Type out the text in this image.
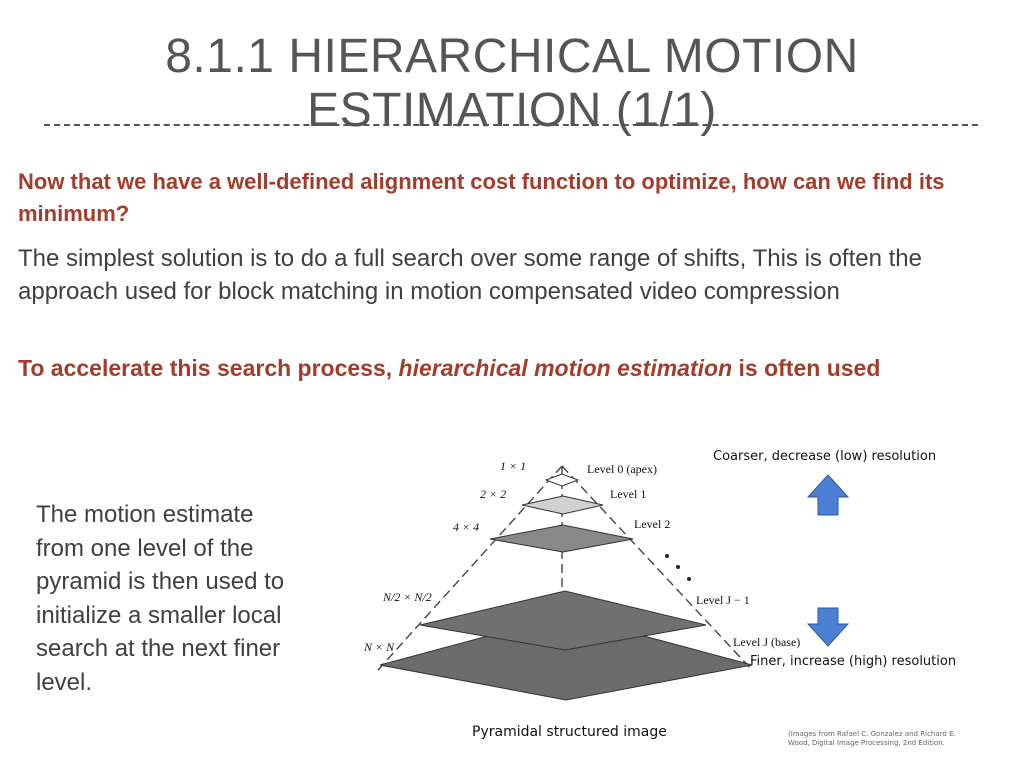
8.1.1 HIERARCHICAL MOTION
ESTIMATION (1/1)

Now that we have a well-defined alignment cost function to optimize, how can we find its minimum?

The simplest solution is to do a full search over some range of shifts, This is often the approach used for block matching in motion compensated video compression

To accelerate this search process, hierarchical motion estimation is often used

The motion estimate from one level of the pyramid is then used to initialize a smaller local search at the next finer level.

1 × 1
2 × 2
4 × 4
N/2 × N/2
N × N
Level 0 (apex)
Level 1
Level 2
Level J − 1
Level J (base)
Coarser, decrease (low) resolution
Finer, increase (high) resolution
Pyramidal structured image	(Images from Rafael C. Gonzalez and Richard E. Wood, Digital Image Processing, 2nd Edition.
